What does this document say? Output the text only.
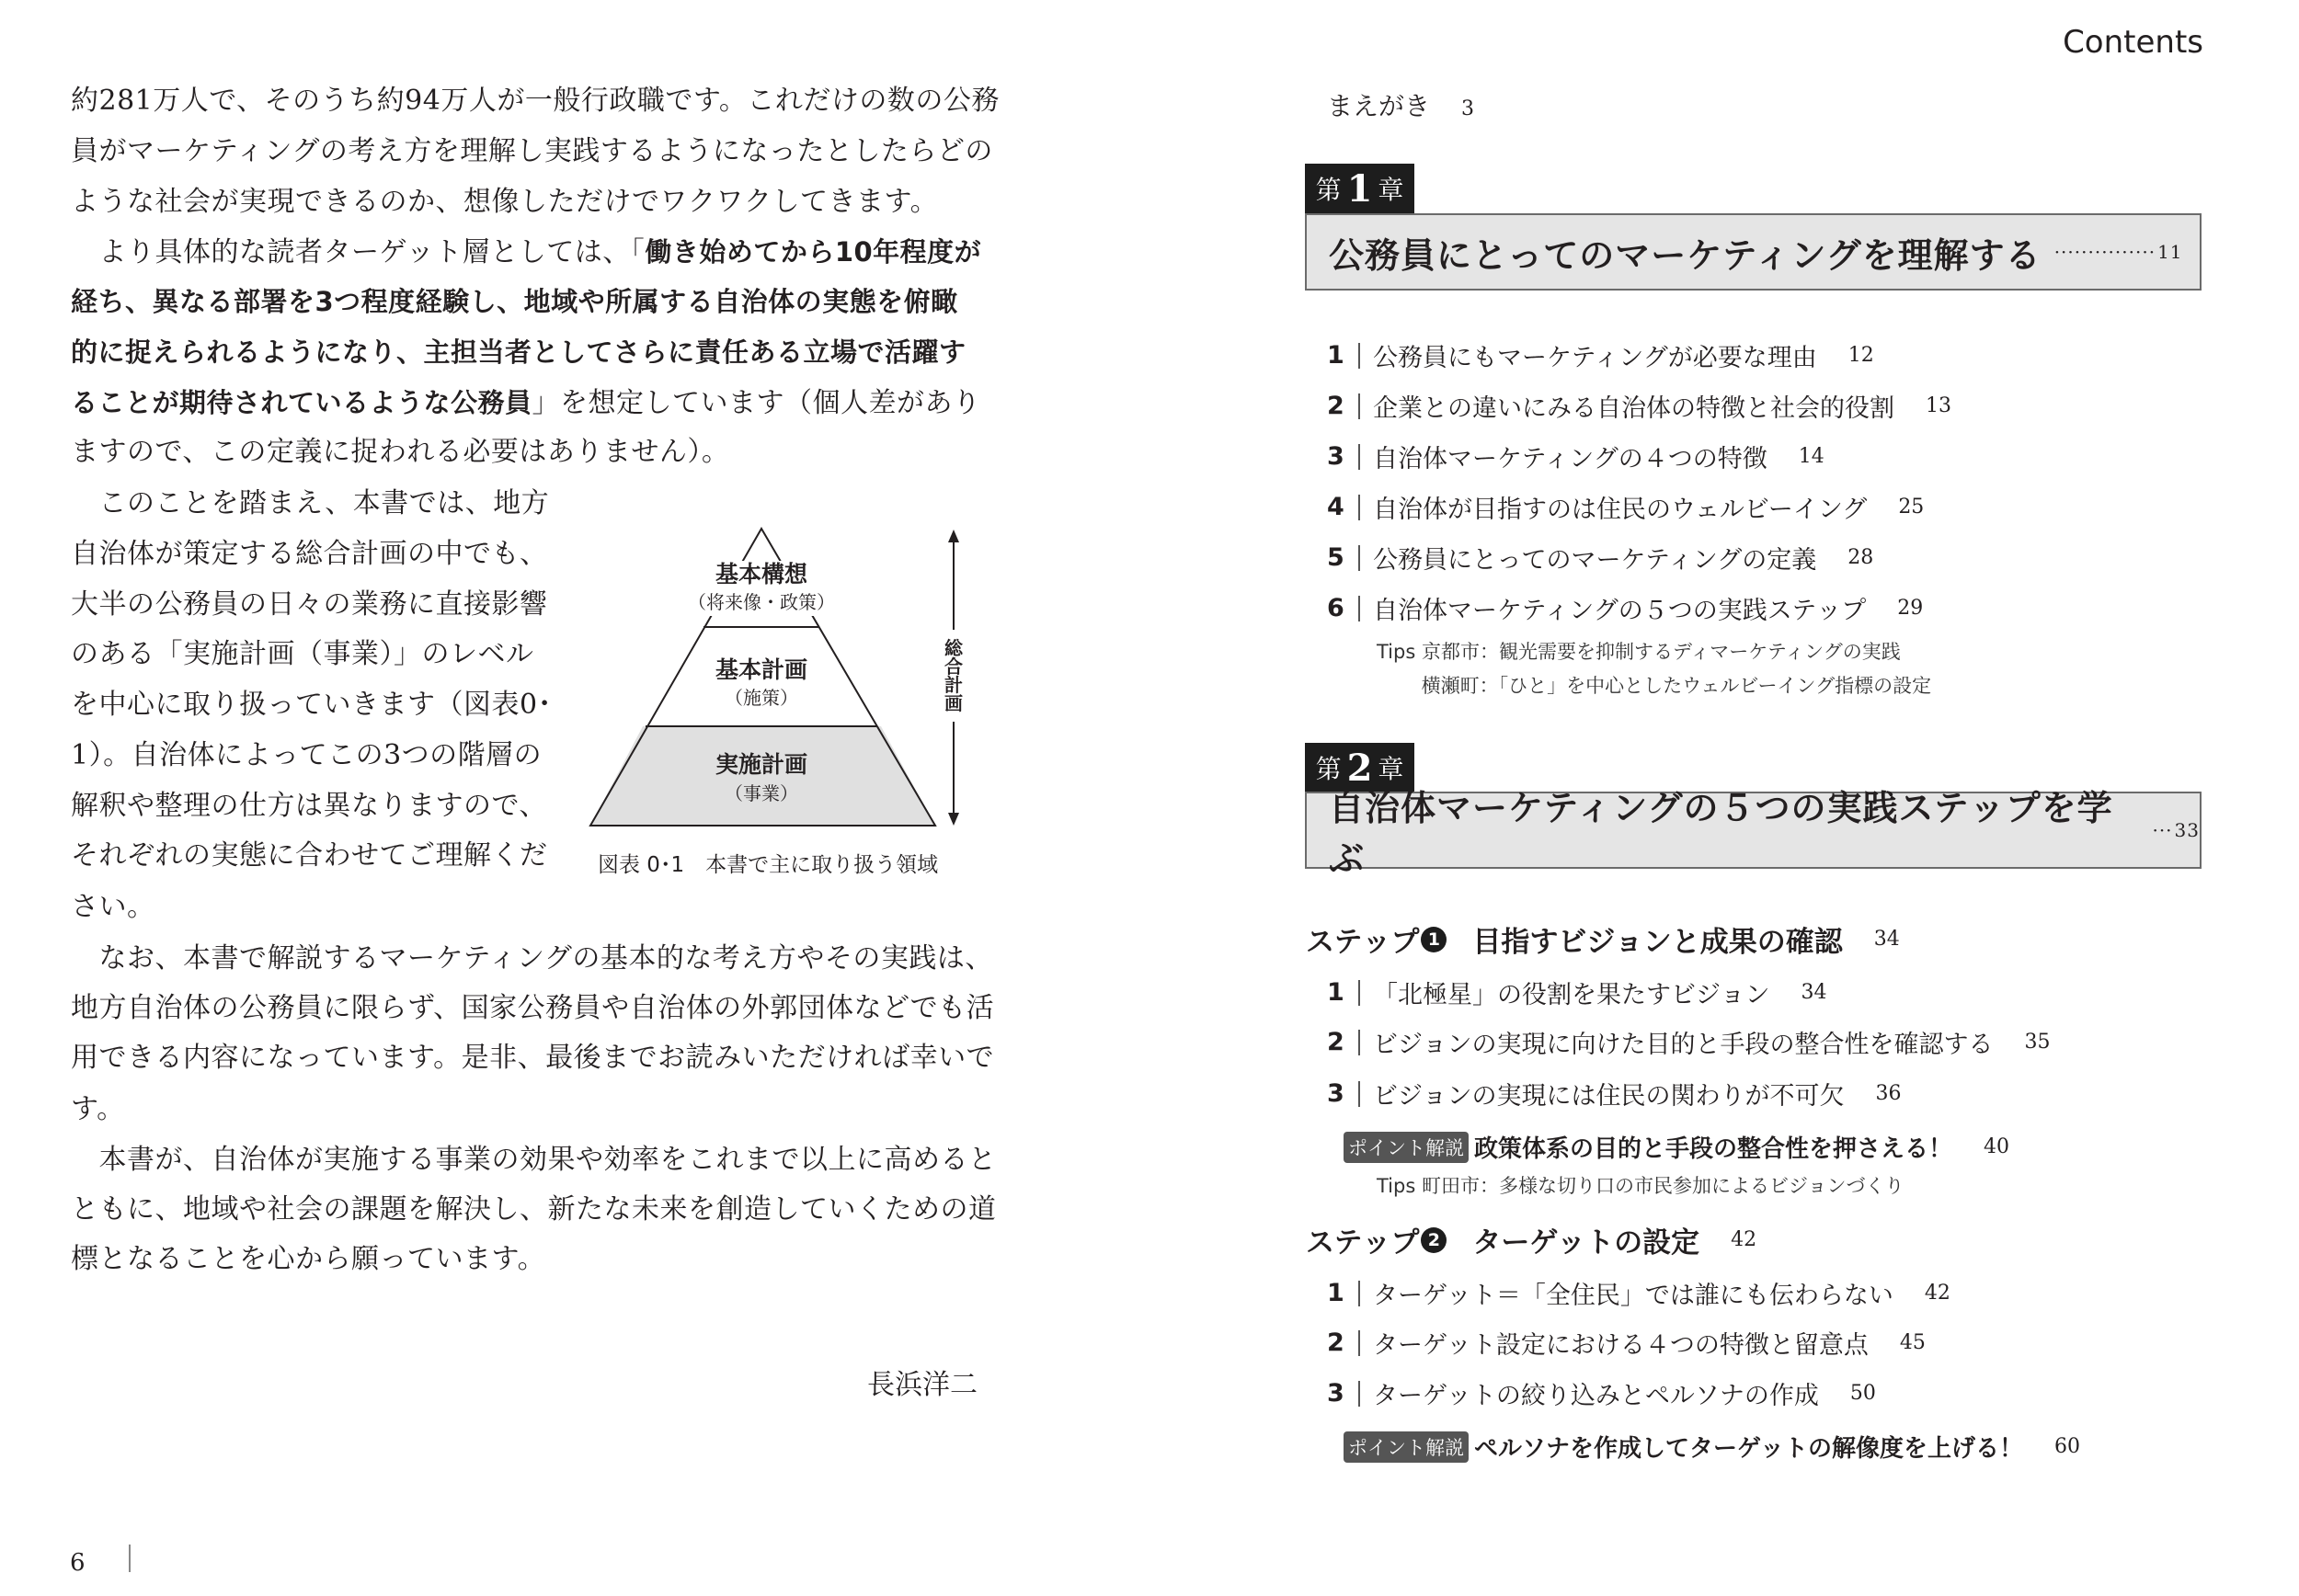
約281万人で、そのうち約94万人が一般行政職です。これだけの数の公務
員がマーケティングの考え方を理解し実践するようになったとしたらどの
ような社会が実現できるのか、想像しただけでワクワクしてきます。
　より具体的な読者ターゲット層としては、「働き始めてから10年程度が
経ち、異なる部署を3つ程度経験し、地域や所属する自治体の実態を俯瞰
的に捉えられるようになり、主担当者としてさらに責任ある立場で活躍す
ることが期待されているような公務員」を想定しています（個人差があり
ますので、この定義に捉われる必要はありません）。
　このことを踏まえ、本書では、地方
自治体が策定する総合計画の中でも、
大半の公務員の日々の業務に直接影響
のある「実施計画（事業）」のレベル
を中心に取り扱っていきます（図表0･
1）。自治体によってこの3つの階層の
解釈や整理の仕方は異なりますので、
それぞれの実態に合わせてご理解くだ
さい。
　なお、本書で解説するマーケティングの基本的な考え方やその実践は、
地方自治体の公務員に限らず、国家公務員や自治体の外郭団体などでも活
用できる内容になっています。是非、最後までお読みいただければ幸いで
す。
　本書が、自治体が実施する事業の効果や効率をこれまで以上に高めると
ともに、地域や社会の課題を解決し、新たな未来を創造していくための道
標となることを心から願っています。
長浜洋二
6
基本構想
（将来像・政策）
基本計画
（施策）
実施計画
（事業）
総
合
計
画
図表 0･1　本書で主に取り扱う領域
Contents
まえがき 3
第 1 章
公務員にとってのマーケティングを理解する ··············· 11
1 公務員にもマーケティングが必要な理由 12
2 企業との違いにみる自治体の特徴と社会的役割 13
3 自治体マーケティングの４つの特徴 14
4 自治体が目指すのは住民のウェルビーイング 25
5 公務員にとってのマーケティングの定義 28
6 自治体マーケティングの５つの実践ステップ 29
Tips 京都市：観光需要を抑制するディマーケティングの実践
　　 横瀬町：「ひと」を中心としたウェルビーイング指標の設定
第 2 章
自治体マーケティングの５つの実践ステップを学ぶ
··· 33
ステップ 1 目指すビジョンと成果の確認 34
1 「北極星」の役割を果たすビジョン 34
2 ビジョンの実現に向けた目的と手段の整合性を確認する 35
3 ビジョンの実現には住民の関わりが不可欠 36
ポイント解説 政策体系の目的と手段の整合性を押さえる！ 40
Tips 町田市：多様な切り口の市民参加によるビジョンづくり
ステップ 2 ターゲットの設定 42
1 ターゲット＝「全住民」では誰にも伝わらない 42
2 ターゲット設定における４つの特徴と留意点 45
3 ターゲットの絞り込みとペルソナの作成 50
ポイント解説 ペルソナを作成してターゲットの解像度を上げる！ 60
